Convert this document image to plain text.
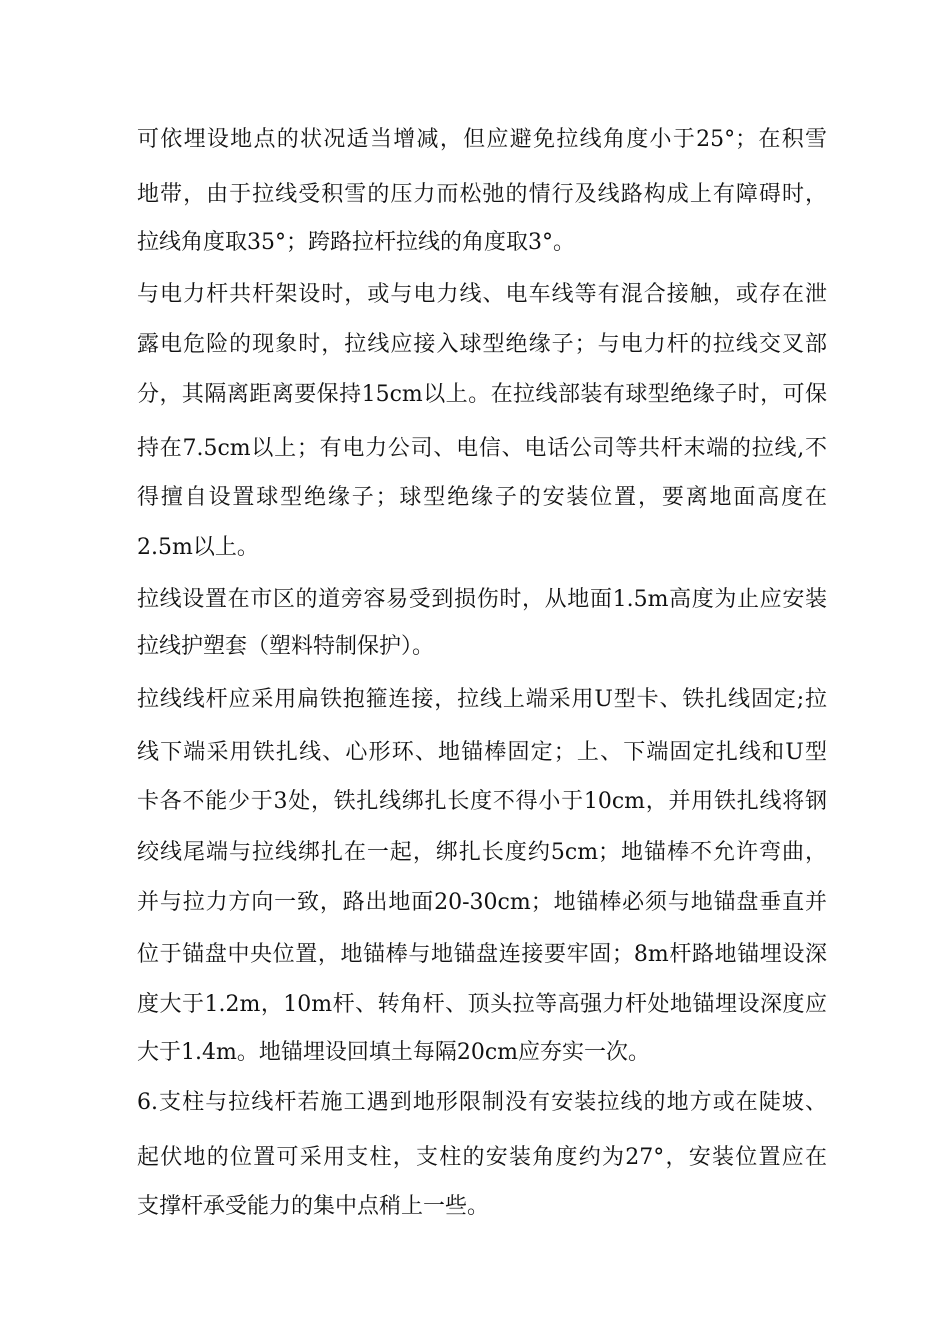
可依埋设地点的状况适当增减，但应避免拉线角度小于25°；在积雪
地带，由于拉线受积雪的压力而松弛的情行及线路构成上有障碍时，
拉线角度取35°；跨路拉杆拉线的角度取3°。
与电力杆共杆架设时，或与电力线、电车线等有混合接触，或存在泄
露电危险的现象时，拉线应接入球型绝缘子；与电力杆的拉线交叉部
分，其隔离距离要保持15cm以上。在拉线部装有球型绝缘子时，可保
持在7.5cm以上；有电力公司、电信、电话公司等共杆末端的拉线,不
得擅自设置球型绝缘子；球型绝缘子的安装位置，要离地面高度在
2.5m以上。
拉线设置在市区的道旁容易受到损伤时，从地面1.5m高度为止应安装
拉线护塑套（塑料特制保护）。
拉线线杆应采用扁铁抱箍连接，拉线上端采用U型卡、铁扎线固定;拉
线下端采用铁扎线、心形环、地锚棒固定；上、下端固定扎线和U型
卡各不能少于3处，铁扎线绑扎长度不得小于10cm，并用铁扎线将钢
绞线尾端与拉线绑扎在一起，绑扎长度约5cm；地锚棒不允许弯曲，
并与拉力方向一致，路出地面20-30cm；地锚棒必须与地锚盘垂直并
位于锚盘中央位置，地锚棒与地锚盘连接要牢固；8m杆路地锚埋设深
度大于1.2m，10m杆、转角杆、顶头拉等高强力杆处地锚埋设深度应
大于1.4m。地锚埋设回填土每隔20cm应夯实一次。
6.支柱与拉线杆若施工遇到地形限制没有安装拉线的地方或在陡坡、
起伏地的位置可采用支柱，支柱的安装角度约为27°，安装位置应在
支撑杆承受能力的集中点稍上一些。
